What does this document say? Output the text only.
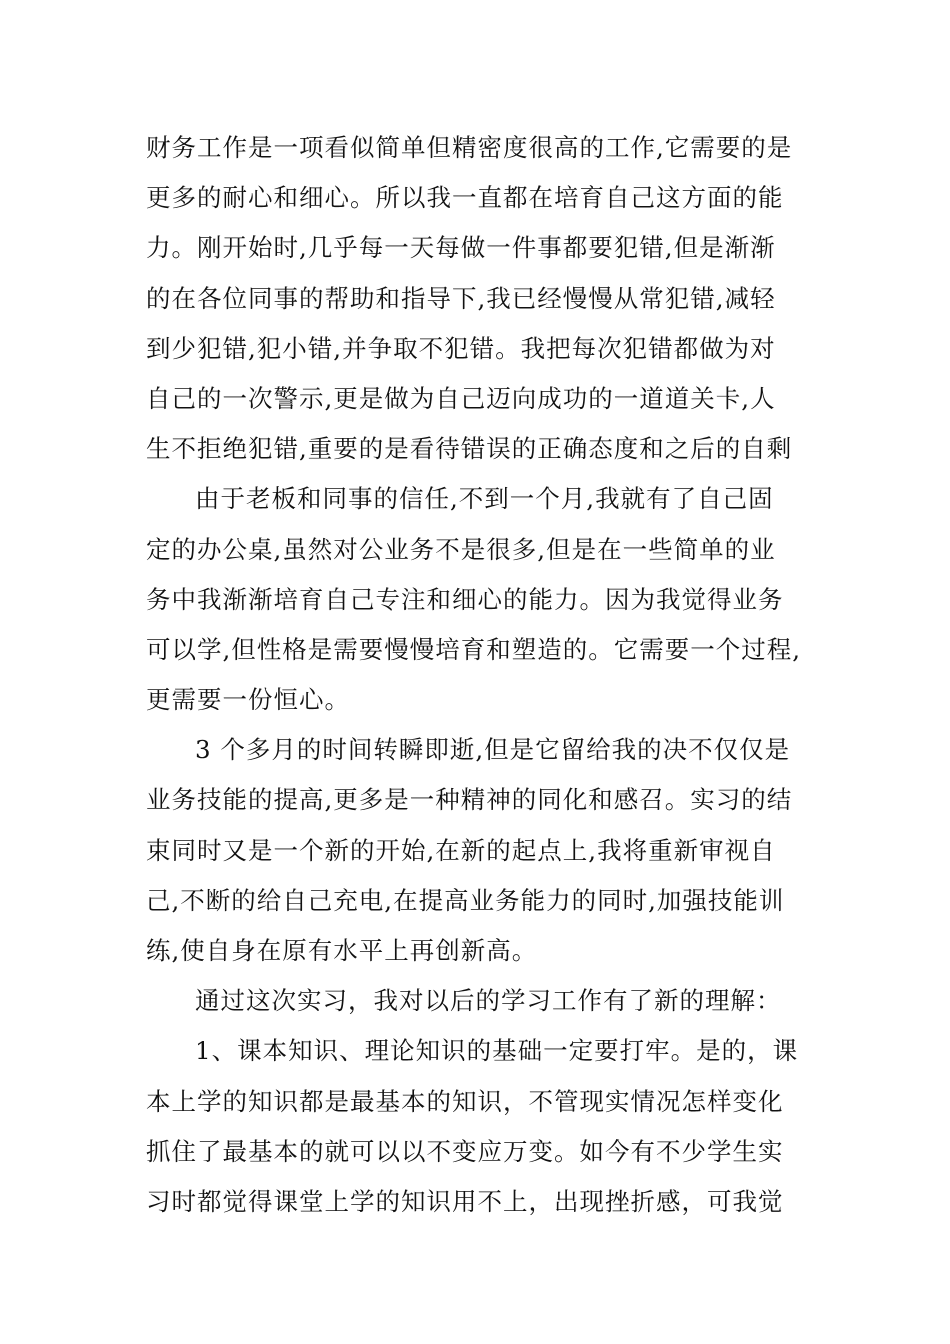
财务工作是一项看似简单但精密度很高的工作,它需要的是
更多的耐心和细心。所以我一直都在培育自己这方面的能
力。刚开始时,几乎每一天每做一件事都要犯错,但是渐渐
的在各位同事的帮助和指导下,我已经慢慢从常犯错,减轻
到少犯错,犯小错,并争取不犯错。我把每次犯错都做为对
自己的一次警示,更是做为自己迈向成功的一道道关卡,人
生不拒绝犯错,重要的是看待错误的正确态度和之后的自剩
由于老板和同事的信任,不到一个月,我就有了自己固
定的办公桌,虽然对公业务不是很多,但是在一些简单的业
务中我渐渐培育自己专注和细心的能力。因为我觉得业务
可以学,但性格是需要慢慢培育和塑造的。它需要一个过程,
更需要一份恒心。
3 个多月的时间转瞬即逝,但是它留给我的决不仅仅是
业务技能的提高,更多是一种精神的同化和感召。实习的结
束同时又是一个新的开始,在新的起点上,我将重新审视自
己,不断的给自己充电,在提高业务能力的同时,加强技能训
练,使自身在原有水平上再创新高。
通过这次实习，我对以后的学习工作有了新的理解：
1、课本知识、理论知识的基础一定要打牢。是的，课
本上学的知识都是最基本的知识，不管现实情况怎样变化
抓住了最基本的就可以以不变应万变。如今有不少学生实
习时都觉得课堂上学的知识用不上，出现挫折感，可我觉
